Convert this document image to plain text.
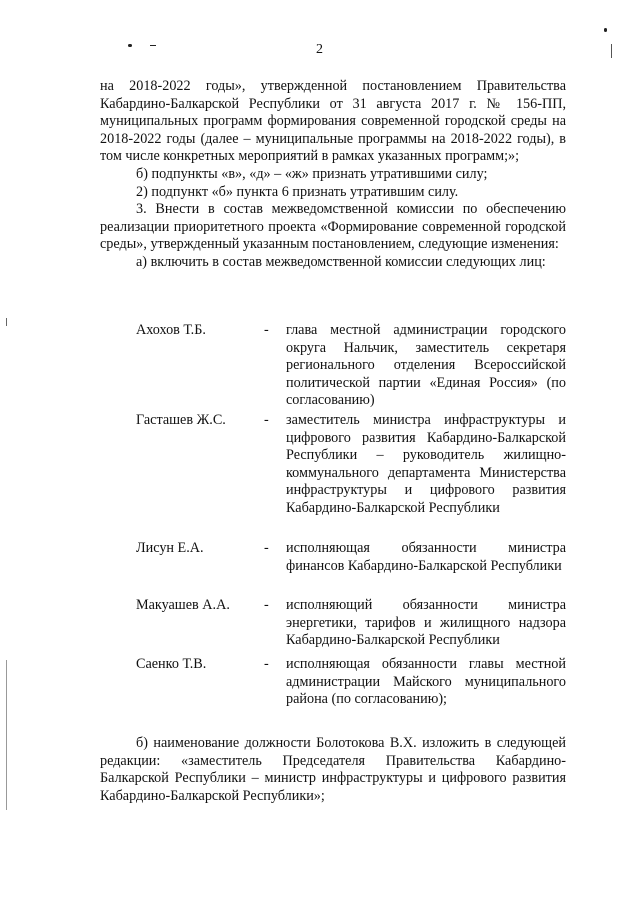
2

на 2018-2022 годы», утвержденной постановлением Правительства Кабардино-Балкарской Республики от 31 августа 2017 г. № 156-ПП, муниципальных программ формирования современной городской среды на 2018-2022 годы (далее – муниципальные программы на 2018-2022 годы), в том числе конкретных мероприятий в рамках указанных программ;»;

б) подпункты «в», «д» – «ж» признать утратившими силу;

2) подпункт «б» пункта 6 признать утратившим силу.

3. Внести в состав межведомственной комиссии по обеспечению реализации приоритетного проекта «Формирование современной городской среды», утвержденный указанным постановлением, следующие изменения:

а) включить в состав межведомственной комиссии следующих лиц:

Ахохов Т.Б.	- глава местной администрации городского округа Нальчик, заместитель секретаря регионального отделения Всероссийской политической партии «Единая Россия» (по согласованию)
Гасташев Ж.С.	- заместитель министра инфраструктуры и цифрового развития Кабардино-Балкарской Республики – руководитель жилищно-коммунального департамента Министерства инфраструктуры и цифрового развития Кабардино-Балкарской Республики
Лисун Е.А.	- исполняющая обязанности министра финансов Кабардино-Балкарской Республики
Макуашев А.А. - исполняющий обязанности министра энергетики, тарифов и жилищного надзора Кабардино-Балкарской Республики
Саенко Т.В.	- исполняющая обязанности главы местной администрации Майского муниципального района (по согласованию);

б) наименование должности Болотокова В.Х. изложить в следующей редакции: «заместитель Председателя Правительства Кабардино-Балкарской Республики – министр инфраструктуры и цифрового развития Кабардино-Балкарской Республики»;
